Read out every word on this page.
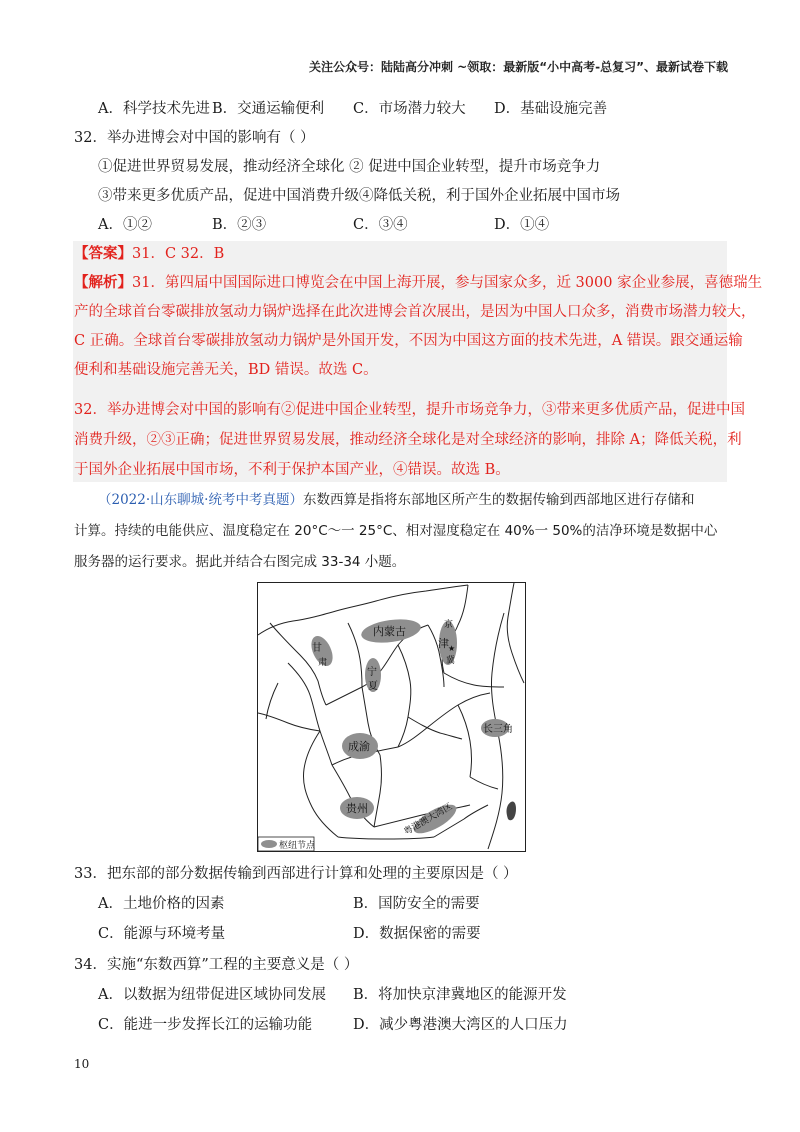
关注公众号：陆陆高分冲刺 ~领取：最新版“小中高考-总复习”、最新试卷下载
A．科学技术先进 B．交通运输便利 C．市场潜力较大 D．基础设施完善
32．举办进博会对中国的影响有（ ）
①促进世界贸易发展，推动经济全球化 ② 促进中国企业转型，提升市场竞争力
③带来更多优质产品，促进中国消费升级④降低关税，利于国外企业拓展中国市场
A．①②	B．②③	C．③④	D．①④
【答案】31．C 32．B
【解析】31．第四届中国国际进口博览会在中国上海开展，参与国家众多，近 3000 家企业参展，喜德瑞生
产的全球首台零碳排放氢动力锅炉选择在此次进博会首次展出，是因为中国人口众多，消费市场潜力较大，
C 正确。全球首台零碳排放氢动力锅炉是外国开发，不因为中国这方面的技术先进，A 错误。跟交通运输
便利和基础设施完善无关，BD 错误。故选 C。
32．举办进博会对中国的影响有②促进中国企业转型，提升市场竞争力，③带来更多优质产品，促进中国
消费升级，②③正确；促进世界贸易发展，推动经济全球化是对全球经济的影响，排除 A；降低关税，利
于国外企业拓展中国市场，不利于保护本国产业，④错误。故选 B。
（2022·山东聊城·统考中考真题）东数西算是指将东部地区所产生的数据传输到西部地区进行存储和
计算。持续的电能供应、温度稳定在 20°C～一 25°C、相对湿度稳定在 40%一 50%的洁净环境是数据中心
服务器的运行要求。据此并结合右图完成 33-34 小题。
内蒙古	京
津
冀
甘
肃
宁
夏
长三角
成渝
贵州	粤港澳大湾区
★
枢纽节点
33．把东部的部分数据传输到西部进行计算和处理的主要原因是（ ）
A．土地价格的因素	B．国防安全的需要
C．能源与环境考量	D．数据保密的需要
34．实施“东数西算”工程的主要意义是（ ）
A．以数据为纽带促进区域协同发展 B．将加快京津冀地区的能源开发
C．能进一步发挥长江的运输功能	D．减少粤港澳大湾区的人口压力
10
